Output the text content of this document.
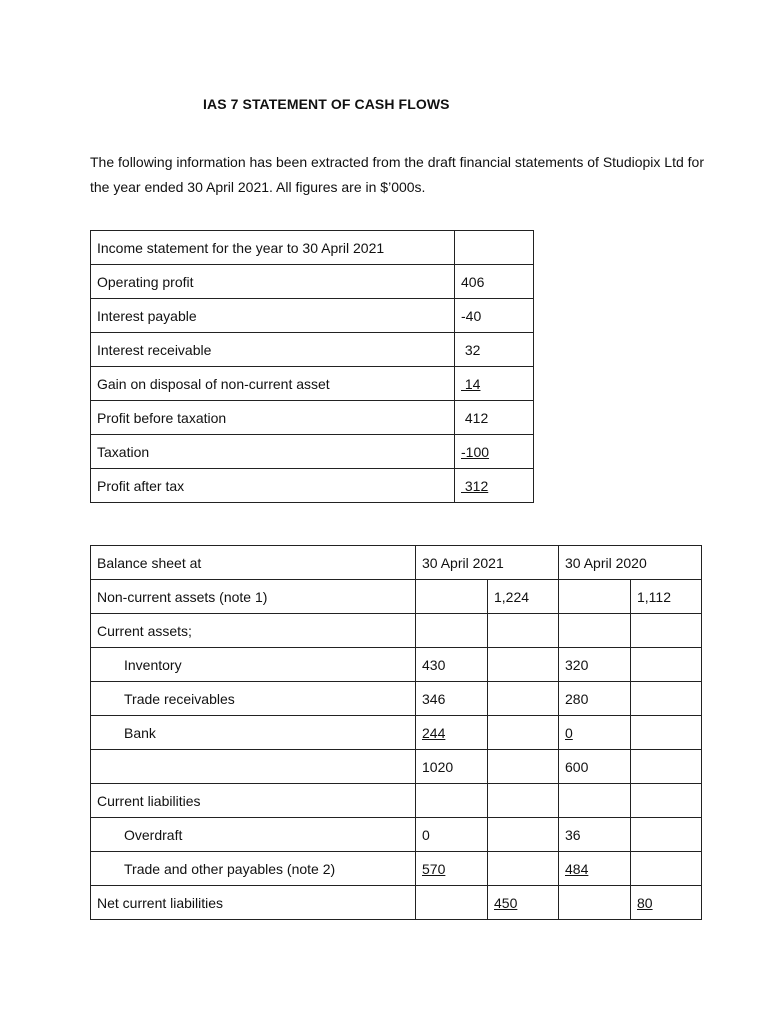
IAS 7 STATEMENT OF CASH FLOWS
The following information has been extracted from the draft financial statements of Studiopix Ltd for
the year ended 30 April 2021. All figures are in $’000s.
Income statement for the year to 30 April 2021	
Operating profit	406
Interest payable	-40
Interest receivable	32
Gain on disposal of non-current asset	14
Profit before taxation	412
Taxation	-100
Profit after tax	312
Balance sheet at	30 April 2021		30 April 2020	
Non-current assets (note 1)		1,224		1,112
Current assets;				
Inventory	430		320	
Trade receivables	346		280	
Bank	244		0	
	1020		600	
Current liabilities				
Overdraft	0		36	
Trade and other payables (note 2)	570		484	
Net current liabilities		450		80
